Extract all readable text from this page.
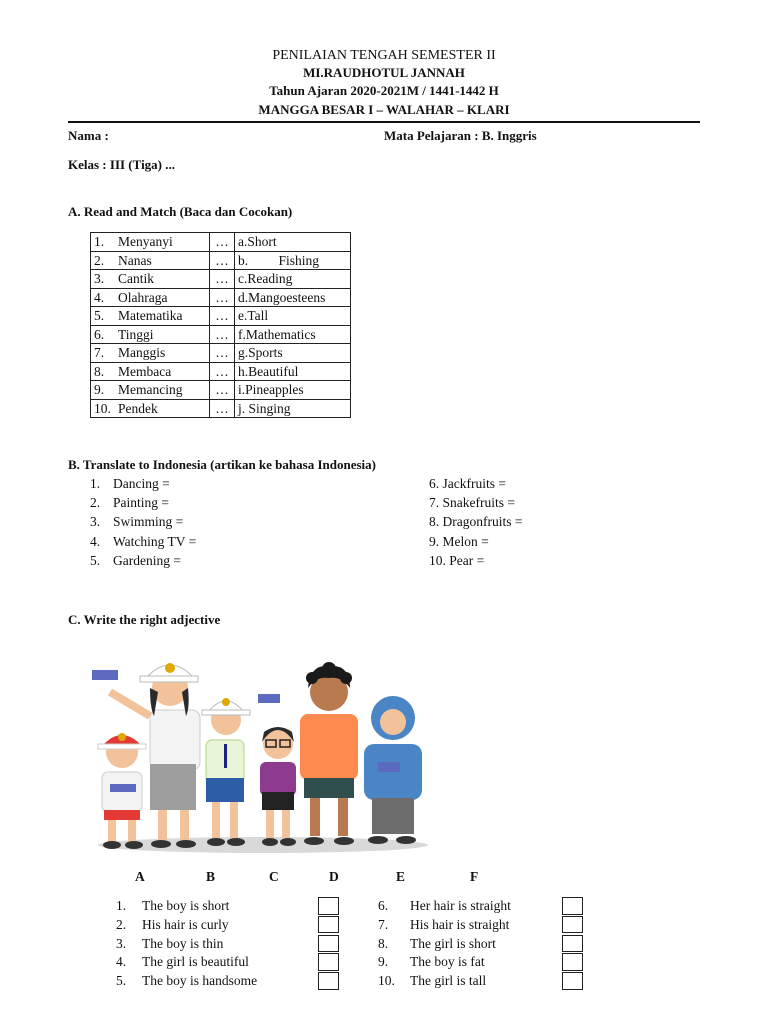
PENILAIAN TENGAH SEMESTER II
MI.RAUDHOTUL JANNAH
Tahun Ajaran 2020-2021M / 1441-1442 H
MANGGA BESAR I – WALAHAR – KLARI
Nama :	Mata Pelajaran : B. Inggris
Kelas : III (Tiga) ...
A. Read and Match (Baca dan Cocokan)
1. Menyanyi	…	a.Short
2. Nanas	…	b.         Fishing
3. Cantik	…	c.Reading
4. Olahraga	…	d.Mangoesteens
5. Matematika	…	e.Tall
6. Tinggi	…	f.Mathematics
7. Manggis	…	g.Sports
8. Membaca	…	h.Beautiful
9. Memancing	…	i.Pineapples
10. Pendek	…	j. Singing
B. Translate to Indonesia (artikan ke bahasa Indonesia)
1. Dancing =
2. Painting =
3. Swimming =
4. Watching TV =
5. Gardening =
6. Jackfruits =
7. Snakefruits =
8. Dragonfruits =
9. Melon =
10. Pear =
C. Write the right adjective
A	B	C	D	E	F
1. The boy is short
2. His hair is curly
3. The boy is thin
4. The girl is beautiful
5. The boy is handsome
6. Her hair is straight
7. His hair is straight
8. The girl is short
9. The boy is fat
10. The girl is tall
